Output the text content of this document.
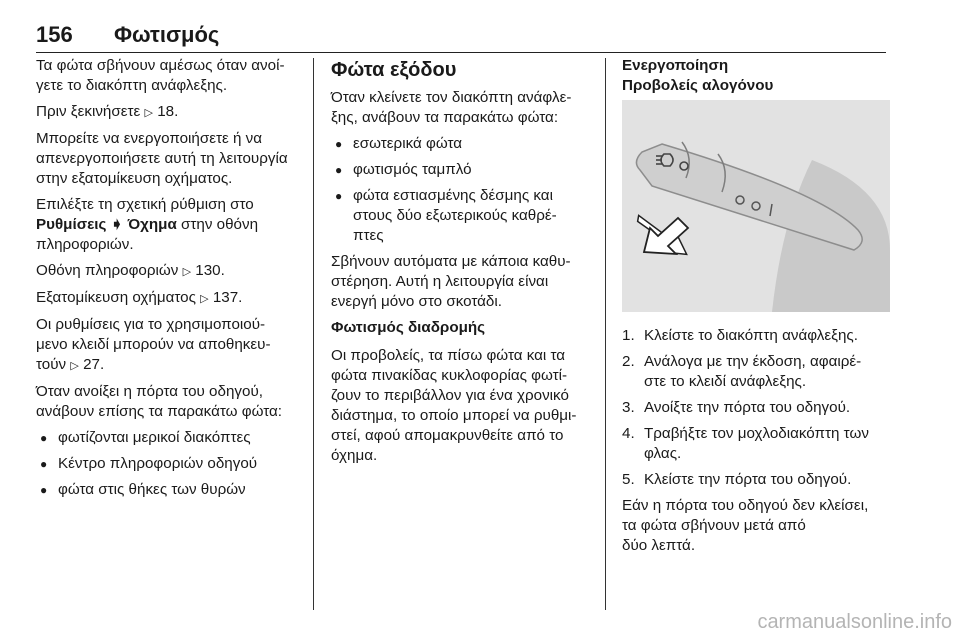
156 Φωτισμός

Τα φώτα σβήνουν αμέσως όταν ανοί-
γετε το διακόπτη ανάφλεξης.

Πριν ξεκινήσετε ▷ 18.

Μπορείτε να ενεργοποιήσετε ή να
απενεργοποιήσετε αυτή τη λειτουργία
στην εξατομίκευση οχήματος.

Επιλέξτε τη σχετική ρύθμιση στο
Ρυθμίσεις ➧ Όχημα στην οθόνη
πληροφοριών.

Οθόνη πληροφοριών ▷ 130.

Εξατομίκευση οχήματος ▷ 137.

Οι ρυθμίσεις για το χρησιμοποιού-
μενο κλειδί μπορούν να αποθηκευ-
τούν ▷ 27.

Όταν ανοίξει η πόρτα του οδηγού,
ανάβουν επίσης τα παρακάτω φώτα:

● φωτίζονται μερικοί διακόπτες
● Κέντρο πληροφοριών οδηγού
● φώτα στις θήκες των θυρών
Φώτα εξόδου

Όταν κλείνετε τον διακόπτη ανάφλε-
ξης, ανάβουν τα παρακάτω φώτα:

● εσωτερικά φώτα
● φωτισμός ταμπλό
● φώτα εστιασμένης δέσμης και
στους δύο εξωτερικούς καθρέ-
πτες

Σβήνουν αυτόματα με κάποια καθυ-
στέρηση. Αυτή η λειτουργία είναι
ενεργή μόνο στο σκοτάδι.

Φωτισμός διαδρομής

Οι προβολείς, τα πίσω φώτα και τα
φώτα πινακίδας κυκλοφορίας φωτί-
ζουν το περιβάλλον για ένα χρονικό
διάστημα, το οποίο μπορεί να ρυθμι-
στεί, αφού απομακρυνθείτε από το
όχημα.

Ενεργοποίηση
Προβολείς αλογόνου
1. Κλείστε το διακόπτη ανάφλεξης.
2. Ανάλογα με την έκδοση, αφαιρέ-
στε το κλειδί ανάφλεξης.
3. Ανοίξτε την πόρτα του οδηγού.
4. Τραβήξτε τον μοχλοδιακόπτη των
φλας.
5. Κλείστε την πόρτα του οδηγού.

Εάν η πόρτα του οδηγού δεν κλείσει,
τα φώτα σβήνουν μετά από
δύο λεπτά.

carmanualsonline.info
